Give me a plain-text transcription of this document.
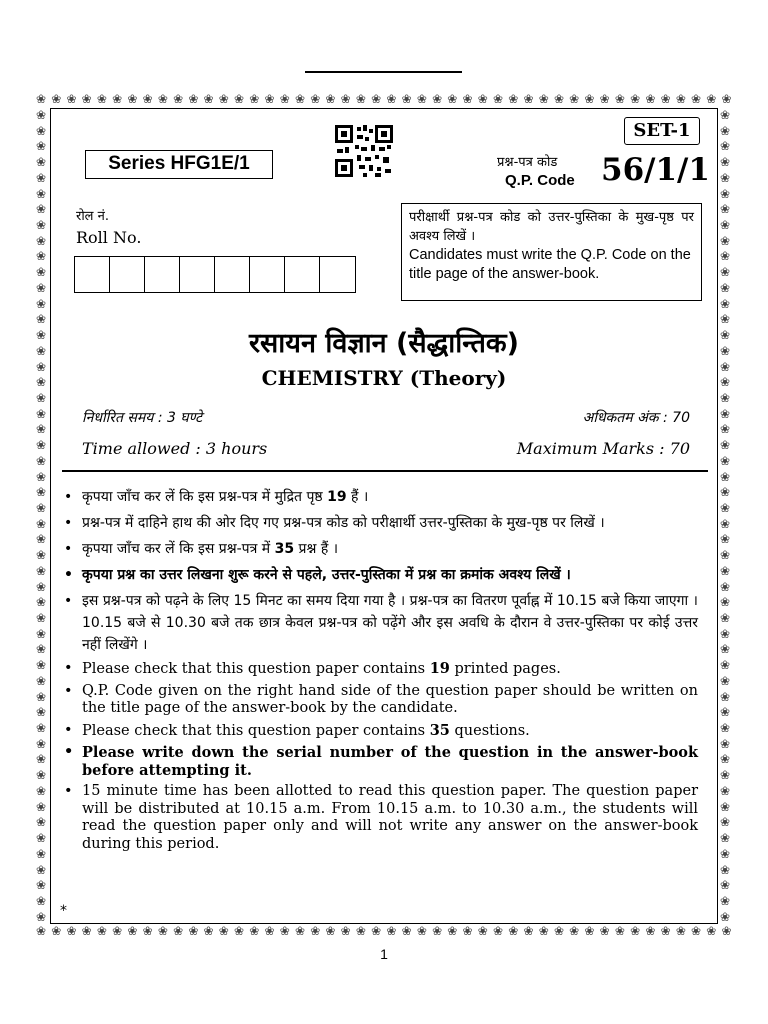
❀ ❀ ❀ ❀ ❀ ❀ ❀ ❀ ❀ ❀ ❀ ❀ ❀ ❀ ❀ ❀ ❀ ❀ ❀ ❀ ❀ ❀ ❀ ❀ ❀ ❀ ❀ ❀ ❀ ❀ ❀ ❀ ❀ ❀ ❀ ❀ ❀ ❀ ❀ ❀ ❀ ❀ ❀ ❀ ❀ ❀
❀ ❀ ❀ ❀ ❀ ❀ ❀ ❀ ❀ ❀ ❀ ❀ ❀ ❀ ❀ ❀ ❀ ❀ ❀ ❀ ❀ ❀ ❀ ❀ ❀ ❀ ❀ ❀ ❀ ❀ ❀ ❀ ❀ ❀ ❀ ❀ ❀ ❀ ❀ ❀ ❀ ❀ ❀ ❀ ❀ ❀
❀
❀
❀
❀
❀
❀
❀
❀
❀
❀
❀
❀
❀
❀
❀
❀
❀
❀
❀
❀
❀
❀
❀
❀
❀
❀
❀
❀
❀
❀
❀
❀
❀
❀
❀
❀
❀
❀
❀
❀
❀
❀
❀
❀
❀
❀
❀
❀
❀
❀
❀
❀
❀
❀
❀
❀
❀
❀
❀
❀
❀
❀
❀
❀
❀
❀
❀
❀
❀
❀
❀
❀
❀
❀
❀
❀
❀
❀
❀
❀
❀
❀
❀
❀
❀
❀
❀
❀
❀
❀
❀
❀
❀
❀
❀
❀
❀
❀
❀
❀
❀
❀
❀
❀
SET-1
Series HFG1E/1	प्रश्न-पत्र कोड
Q.P. Code 56/1/1
रोल नं.
Roll No.
परीक्षार्थी प्रश्न-पत्र कोड को उत्तर-पुस्तिका के मुख-पृष्ठ पर अवश्य लिखें ।
Candidates must write the Q.P. Code on the title page of the answer-book.
रसायन विज्ञान (सैद्धान्तिक)
CHEMISTRY (Theory)
निर्धारित समय : 3 घण्टे	अधिकतम अंक : 70
Time allowed : 3 hours	Maximum Marks : 70
• कृपया जाँच कर लें कि इस प्रश्न-पत्र में मुद्रित पृष्ठ 19 हैं ।
• प्रश्न-पत्र में दाहिने हाथ की ओर दिए गए प्रश्न-पत्र कोड को परीक्षार्थी उत्तर-पुस्तिका के मुख-पृष्ठ पर लिखें ।
• कृपया जाँच कर लें कि इस प्रश्न-पत्र में 35 प्रश्न हैं ।
• कृपया प्रश्न का उत्तर लिखना शुरू करने से पहले, उत्तर-पुस्तिका में प्रश्न का क्रमांक अवश्य लिखें ।
• इस प्रश्न-पत्र को पढ़ने के लिए 15 मिनट का समय दिया गया है । प्रश्न-पत्र का वितरण पूर्वाह्न में 10.15 बजे किया जाएगा । 10.15 बजे से 10.30 बजे तक छात्र केवल प्रश्न-पत्र को पढ़ेंगे और इस अवधि के दौरान वे उत्तर-पुस्तिका पर कोई उत्तर नहीं लिखेंगे ।
• Please check that this question paper contains 19 printed pages.
• Q.P. Code given on the right hand side of the question paper should be written on the title page of the answer-book by the candidate.
• Please check that this question paper contains 35 questions.
• Please write down the serial number of the question in the answer-book before attempting it.
• 15 minute time has been allotted to read this question paper. The question paper will be distributed at 10.15 a.m. From 10.15 a.m. to 10.30 a.m., the students will read the question paper only and will not write any answer on the answer-book during this period.
*
1
